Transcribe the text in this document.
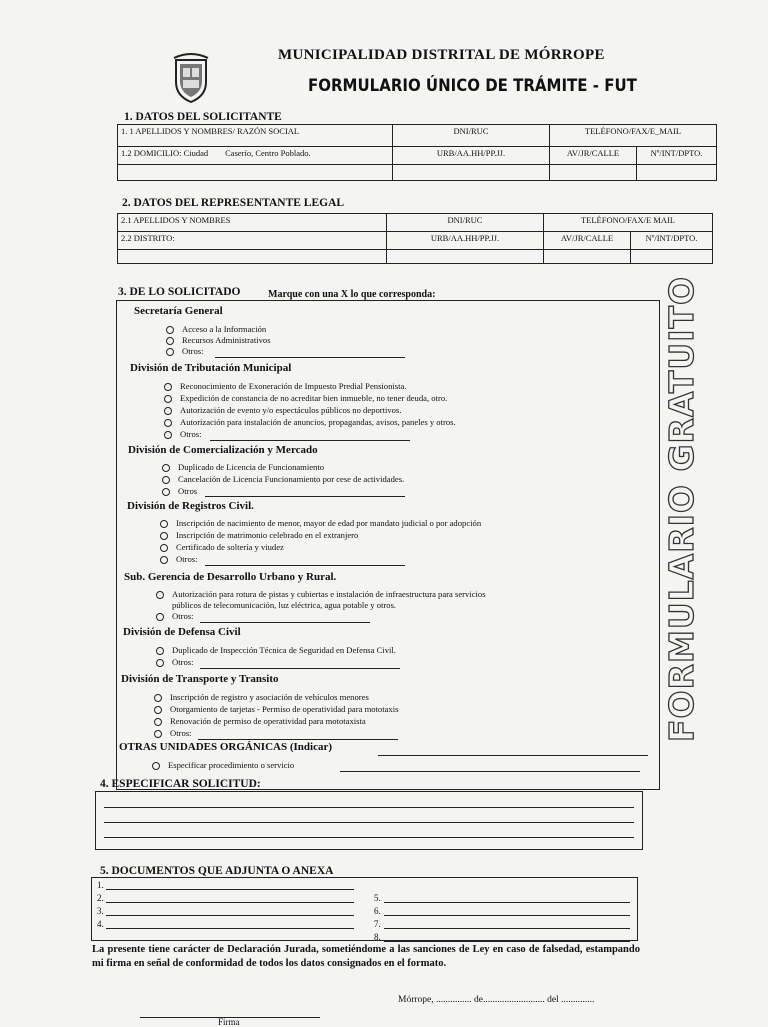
MUNICIPALIDAD DISTRITAL DE MÓRROPE
FORMULARIO ÚNICO DE TRÁMITE - FUT
1. DATOS DEL SOLICITANTE
1. 1 APELLIDOS Y NOMBRES/ RAZÓN SOCIAL	DNI/RUC	TELÉFONO/FAX/E_MAIL	
1.2 DOMICILIO: Ciudad Caserío, Centro Poblado.	URB/AA.HH/PP.JJ.	AV/JR/CALLE	Nº/INT/DPTO.

2. DATOS DEL REPRESENTANTE LEGAL
2.1 APELLIDOS Y NOMBRES	DNI/RUC	TELÉFONO/FAX/E MAIL	
2.2 DISTRITO:	URB/AA.HH/PP.JJ.	AV/JR/CALLE	Nº/INT/DPTO.

3. DE LO SOLICITADO	Marque con una X lo que corresponda:
Secretaría General
Acceso a la Información
Recursos Administrativos
Otros:
División de Tributación Municipal
Reconocimiento de Exoneración de Impuesto Predial Pensionista.
Expedición de constancia de no acreditar bien inmueble, no tener deuda, otro.
Autorización de evento y/o espectáculos públicos no deportivos.
Autorización para instalación de anuncios, propagandas, avisos, paneles y otros.
Otros:
División de Comercialización y Mercado
Duplicado de Licencia de Funcionamiento
Cancelación de Licencia Funcionamiento por cese de actividades.
Otros
División de Registros Civil.
Inscripción de nacimiento de menor, mayor de edad por mandato judicial o por adopción
Inscripción de matrimonio celebrado en el extranjero
Certificado de soltería y viudez
Otros:
Sub. Gerencia de Desarrollo Urbano y Rural.
Autorización para rotura de pistas y cubiertas e instalación de infraestructura para servicios
públicos de telecomunicación, luz eléctrica, agua potable y otros.
Otros:
División de Defensa Civil
Duplicado de Inspección Técnica de Seguridad en Defensa Civil.
Otros:
División de Transporte y Transito
Inscripción de registro y asociación de vehículos menores
Otorgamiento de tarjetas - Permiso de operatividad para mototaxis
Renovación de permiso de operatividad para mototaxista
Otros:
OTRAS UNIDADES ORGÁNICAS (Indicar)
Especificar procedimiento o servicio
FORMULARIO GRATUITO
4. ESPECIFICAR SOLICITUD:
5. DOCUMENTOS QUE ADJUNTA O ANEXA
1.
2.
3.
4.
5.
6.
7.
8.
La presente tiene carácter de Declaración Jurada, sometiéndome a las sanciones de Ley en caso de falsedad, estampando mi firma en señal de conformidad de todos los datos consignados en el formato.
Mórrope, ............... de.......................... del ..............
Firma
